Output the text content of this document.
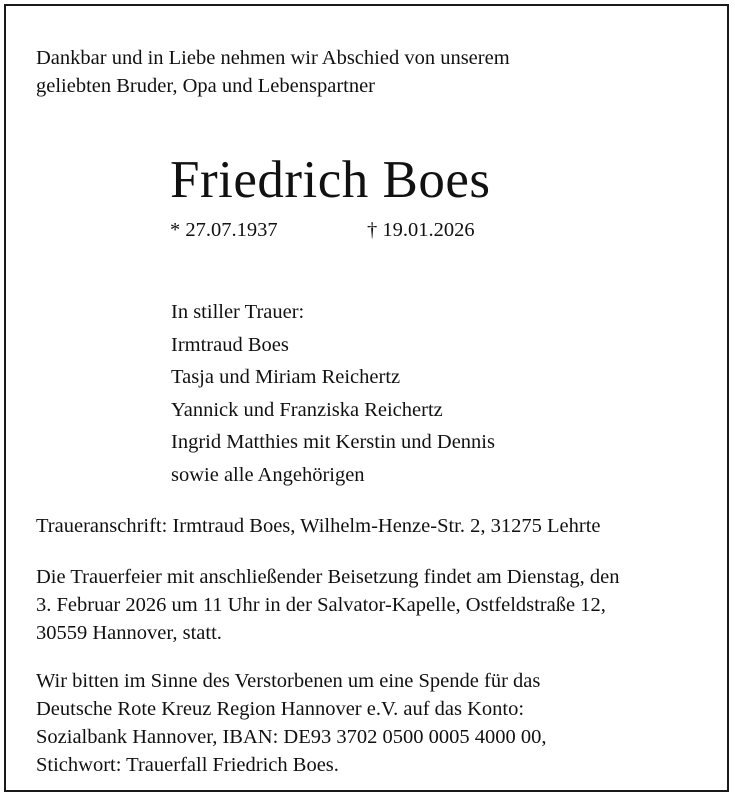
Dankbar und in Liebe nehmen wir Abschied von unserem
geliebten Bruder, Opa und Lebenspartner
Friedrich Boes
* 27.07.1937	† 19.01.2026
In stiller Trauer:
Irmtraud Boes
Tasja und Miriam Reichertz
Yannick und Franziska Reichertz
Ingrid Matthies mit Kerstin und Dennis
sowie alle Angehörigen
Traueranschrift: Irmtraud Boes, Wilhelm-Henze-Str. 2, 31275 Lehrte
Die Trauerfeier mit anschließender Beisetzung findet am Dienstag, den
3. Februar 2026 um 11 Uhr in der Salvator-Kapelle, Ostfeldstraße 12,
30559 Hannover, statt.
Wir bitten im Sinne des Verstorbenen um eine Spende für das
Deutsche Rote Kreuz Region Hannover e.V. auf das Konto:
Sozialbank Hannover, IBAN: DE93 3702 0500 0005 4000 00,
Stichwort: Trauerfall Friedrich Boes.
